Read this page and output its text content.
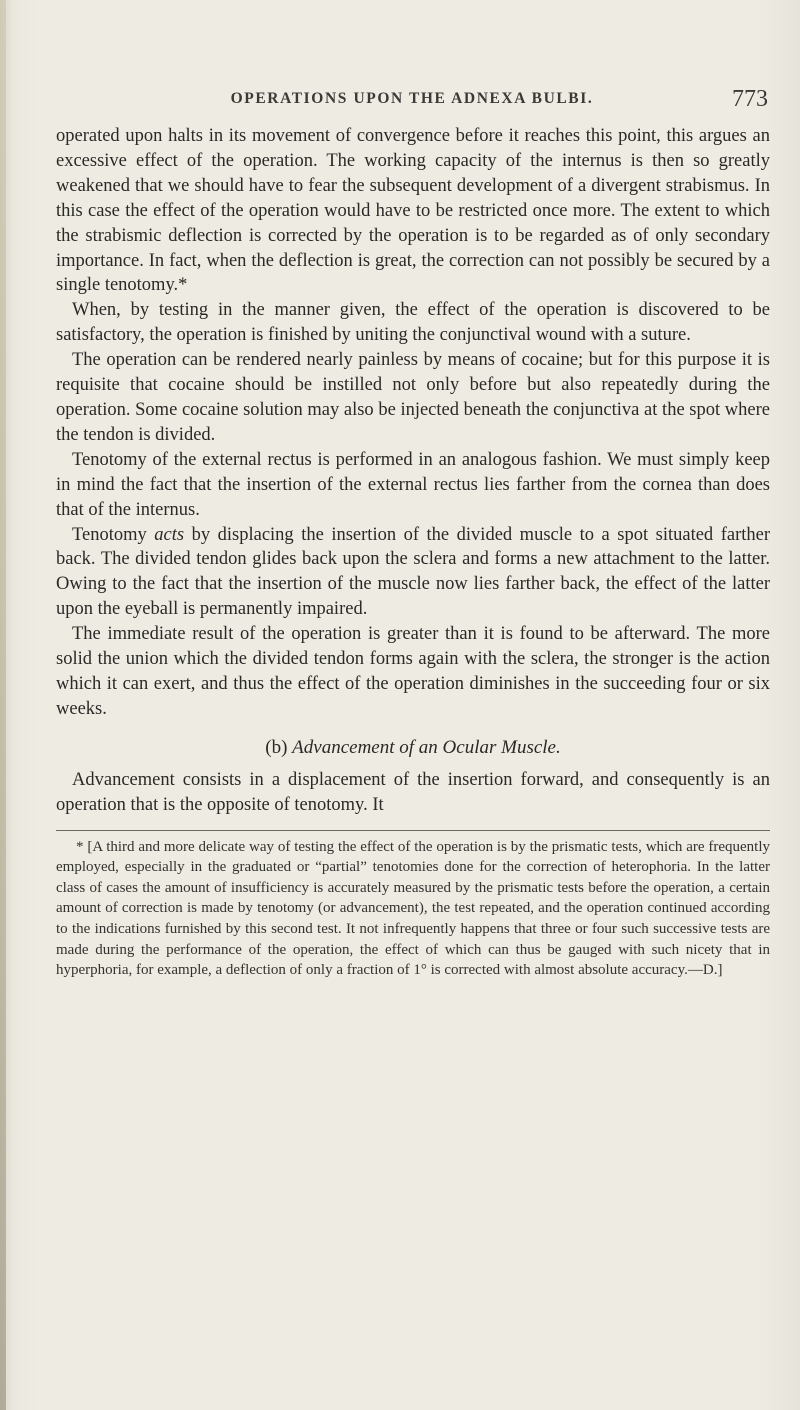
OPERATIONS UPON THE ADNEXA BULBI.	773

operated upon halts in its movement of convergence before it reaches this point, this argues an excessive effect of the operation. The working capacity of the internus is then so greatly weakened that we should have to fear the subsequent development of a divergent strabismus. In this case the effect of the operation would have to be restricted once more. The extent to which the strabismic deflection is corrected by the operation is to be regarded as of only secondary importance. In fact, when the deflection is great, the correction can not possibly be secured by a single tenotomy.*

When, by testing in the manner given, the effect of the operation is discovered to be satisfactory, the operation is finished by uniting the conjunctival wound with a suture.

The operation can be rendered nearly painless by means of cocaine; but for this purpose it is requisite that cocaine should be instilled not only before but also repeatedly during the operation. Some cocaine solution may also be injected beneath the conjunctiva at the spot where the tendon is divided.

Tenotomy of the external rectus is performed in an analogous fashion. We must simply keep in mind the fact that the insertion of the external rectus lies farther from the cornea than does that of the internus.

Tenotomy acts by displacing the insertion of the divided muscle to a spot situated farther back. The divided tendon glides back upon the sclera and forms a new attachment to the latter. Owing to the fact that the insertion of the muscle now lies farther back, the effect of the latter upon the eyeball is permanently impaired.

The immediate result of the operation is greater than it is found to be afterward. The more solid the union which the divided tendon forms again with the sclera, the stronger is the action which it can exert, and thus the effect of the operation diminishes in the succeeding four or six weeks.

(b) Advancement of an Ocular Muscle.

Advancement consists in a displacement of the insertion forward, and consequently is an operation that is the opposite of tenotomy. It

* [A third and more delicate way of testing the effect of the operation is by the prismatic tests, which are frequently employed, especially in the graduated or “partial” tenotomies done for the correction of heterophoria. In the latter class of cases the amount of insufficiency is accurately measured by the prismatic tests before the operation, a certain amount of correction is made by tenotomy (or advancement), the test repeated, and the operation continued according to the indications furnished by this second test. It not infrequently happens that three or four such successive tests are made during the performance of the operation, the effect of which can thus be gauged with such nicety that in hyperphoria, for example, a deflection of only a fraction of 1° is corrected with almost absolute accuracy.—D.]
